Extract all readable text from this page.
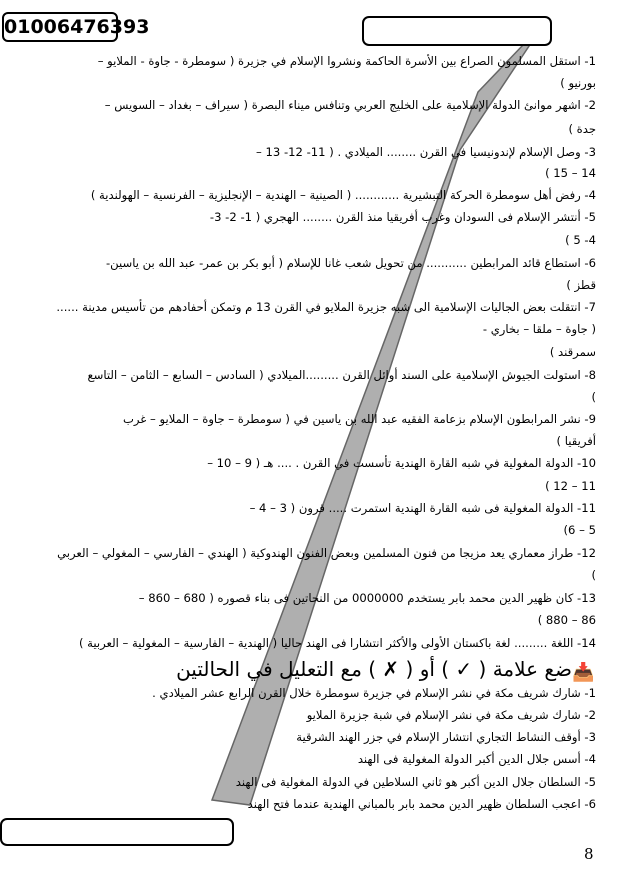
01006476393
1- استقل المسلمون الصراع بين الأسرة الحاكمة ونشروا الإسلام في جزيرة ( سومطرة - جاوة - الملايو –
بورنيو )
2- اشهر موانئ الدولة الإسلامية على الخليج العربي وتنافس ميناء البصرة ( سيراف – بغداد – السويس –
جدة )
3- وصل الإسلام لإندونيسيا في القرن ........ الميلادي . ( 11- 12- 13 –
14 – 15 )
4- رفض أهل سومطرة الحركة التبشيرية ............ ( الصينية – الهندية – الإنجليزية – الفرنسية – الهولندية )
5- أنتشر الإسلام فى السودان وغرب أفريقيا منذ القرن ........ الهجري ( 1- 2- 3-
4- 5 )
6- استطاع قائد المرابطين ........... من تحويل شعب غانا للإسلام ( أبو بكر بن عمر- عبد الله بن ياسين-
قطز )
7- انتقلت بعض الجاليات الإسلامية الى شبه جزيرة الملايو في القرن 13 م وتمكن أحفادهم من تأسيس مدينة ......
( جاوة – ملقا – بخاري -
سمرقند )
8- استولت الجيوش الإسلامية على السند أوائل القرن .........الميلادي ( السادس – السابع – الثامن – التاسع
)
9- نشر المرابطون الإسلام بزعامة الفقيه عبد الله بن ياسين في ( سومطرة – جاوة – الملايو – غرب
أفريقيا )
10- الدولة المغولية في شبه القارة الهندية تأسست في القرن . .... هـ ( 9 – 10 –
11 – 12 )
11- الدولة المغولية فى شبه القارة الهندية استمرت ..... قرون ( 3 – 4 –
5 – 6)
12- طراز معماري يعد مزيجا من فنون المسلمين وبعض الفنون الهندوكية ( الهندي – الفارسي – المغولي – العربي
)
13- كان ظهير الدين محمد بابر يستخدم 0000000 من النحاتين فى بناء قصوره ( 680 – 860 –
86 – 880 )
14- اللغة ......... لغة باكستان الأولى والأكثر انتشارا فى الهند حاليا ( الهندية – الفارسية – المغولية – العربية )
📥
ضع علامة ( ✓ ) أو ( ✗ ) مع التعليل في الحالتين
1- شارك شريف مكة في نشر الإسلام في جزيرة سومطرة خلال القرن الرابع عشر الميلادي .
2- شارك شريف مكة في نشر الإسلام في شبة جزيرة الملايو
3- أوقف النشاط التجاري انتشار الإسلام في جزر الهند الشرقية
4- أسس جلال الدين أكبر الدولة المغولية فى الهند
5- السلطان جلال الدين أكبر هو ثاني السلاطين في الدولة المغولية فى الهند
6- اعجب السلطان ظهير الدين محمد بابر بالمباني الهندية عندما فتح الهند
8
